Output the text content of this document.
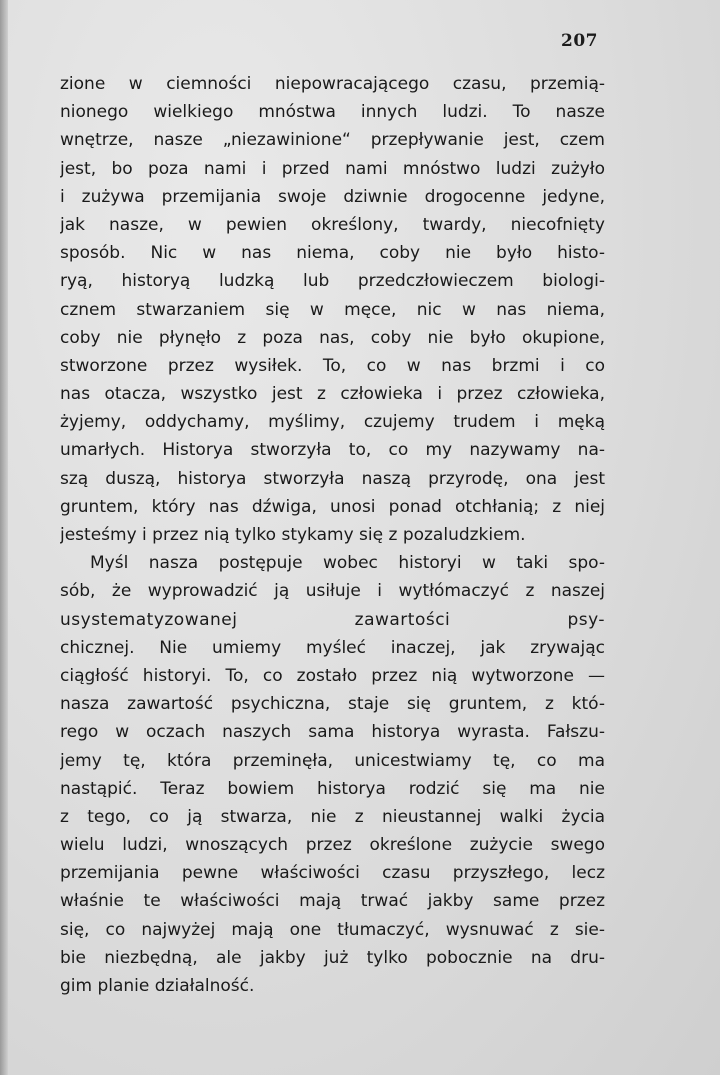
207
zione w ciemności niepowracającego czasu, przemią-
nionego wielkiego mnóstwa innych ludzi. To nasze
wnętrze, nasze „niezawinione“ przepływanie jest, czem
jest, bo poza nami i przed nami mnóstwo ludzi zużyło
i zużywa przemijania swoje dziwnie drogocenne jedyne,
jak nasze, w pewien określony, twardy, niecofnięty
sposób. Nic w nas niema, coby nie było histo-
ryą, historyą ludzką lub przedczłowieczem biologi-
cznem stwarzaniem się w męce, nic w nas niema,
coby nie płynęło z poza nas, coby nie było okupione,
stworzone przez wysiłek. To, co w nas brzmi i co
nas otacza, wszystko jest z człowieka i przez człowieka,
żyjemy, oddychamy, myślimy, czujemy trudem i męką
umarłych. Historya stworzyła to, co my nazywamy na-
szą duszą, historya stworzyła naszą przyrodę, ona jest
gruntem, który nas dźwiga, unosi ponad otchłanią; z niej
jesteśmy i przez nią tylko stykamy się z pozaludzkiem.
Myśl nasza postępuje wobec historyi w taki spo-
sób, że wyprowadzić ją usiłuje i wytłómaczyć z naszej
usystematyzowanej zawartości psy-
chicznej. Nie umiemy myśleć inaczej, jak zrywając
ciągłość historyi. To, co zostało przez nią wytworzone —
nasza zawartość psychiczna, staje się gruntem, z któ-
rego w oczach naszych sama historya wyrasta. Fałszu-
jemy tę, która przeminęła, unicestwiamy tę, co ma
nastąpić. Teraz bowiem historya rodzić się ma nie
z tego, co ją stwarza, nie z nieustannej walki życia
wielu ludzi, wnoszących przez określone zużycie swego
przemijania pewne właściwości czasu przyszłego, lecz
właśnie te właściwości mają trwać jakby same przez
się, co najwyżej mają one tłumaczyć, wysnuwać z sie-
bie niezbędną, ale jakby już tylko pobocznie na dru-
gim planie działalność.
